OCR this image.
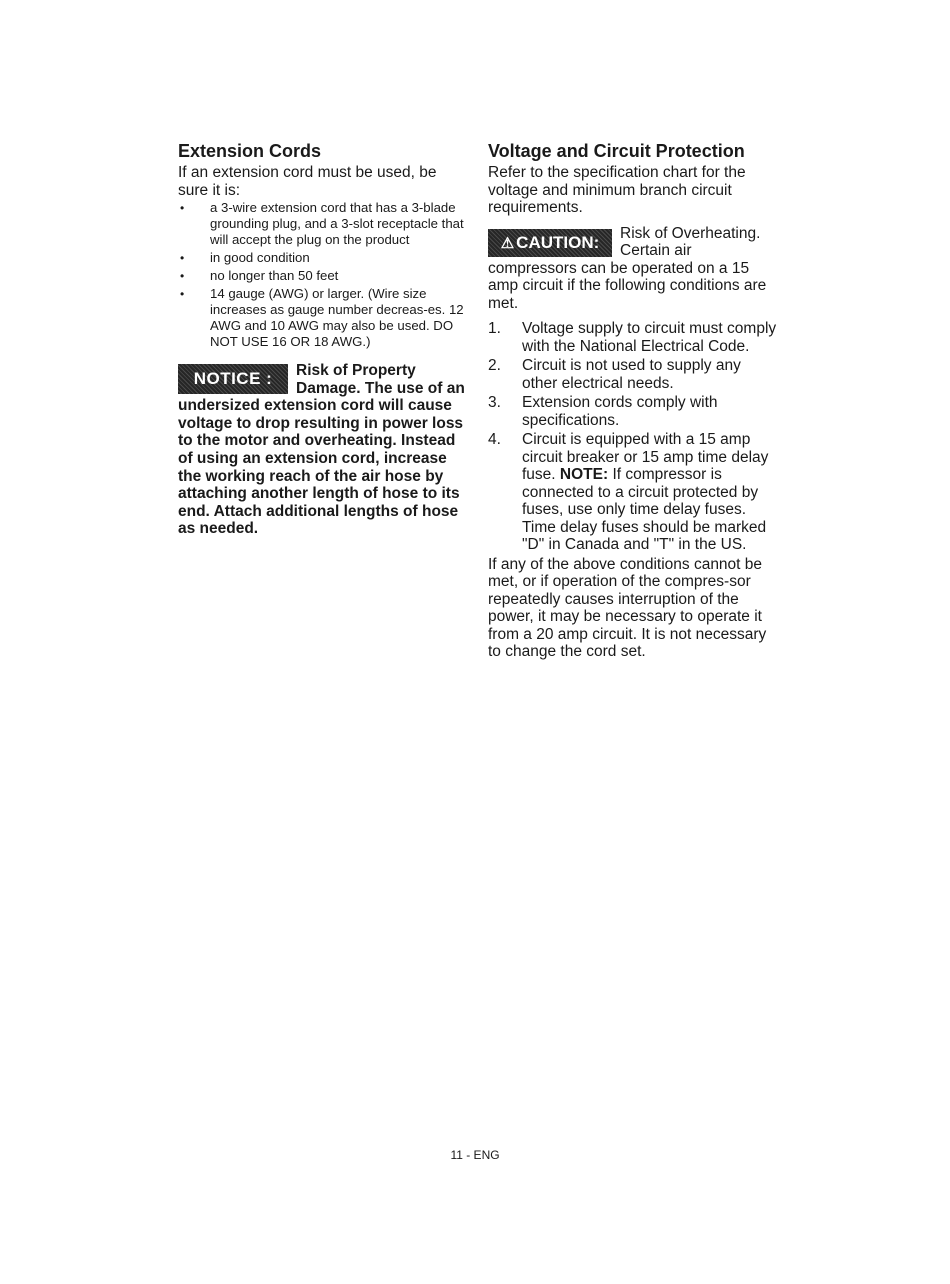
Extension Cords

If an extension cord must be used, be sure it is:

• a 3-wire extension cord that has a 3-blade grounding plug, and a 3-slot receptacle that will accept the plug on the product
• in good condition
• no longer than 50 feet
• 14 gauge (AWG) or larger. (Wire size increases as gauge number decreas-es. 12 AWG and 10 AWG may also be used. DO NOT USE 16 OR 18 AWG.)
NOTICE :	Risk of Property Damage. The use of an undersized extension cord will cause voltage to drop resulting in power loss to the motor and overheating. Instead of using an extension cord, increase the working reach of the air hose by attaching another length of hose to its end. Attach additional lengths of hose as needed.

Voltage and Circuit Protection

Refer to the specification chart for the voltage and minimum branch circuit requirements.

⚠ CAUTION:	Risk of Overheating. Certain air compressors can be operated on a 15 amp circuit if the following conditions are met.

1. Voltage supply to circuit must comply with the National Electrical Code.
2. Circuit is not used to supply any other electrical needs.
3. Extension cords comply with specifications.
4. Circuit is equipped with a 15 amp circuit breaker or 15 amp time delay fuse. NOTE: If compressor is connected to a circuit protected by fuses, use only time delay fuses. Time delay fuses should be marked "D" in Canada and "T" in the US.

If any of the above conditions cannot be met, or if operation of the compres-sor repeatedly causes interruption of the power, it may be necessary to operate it from a 20 amp circuit. It is not necessary to change the cord set.

11 - ENG
